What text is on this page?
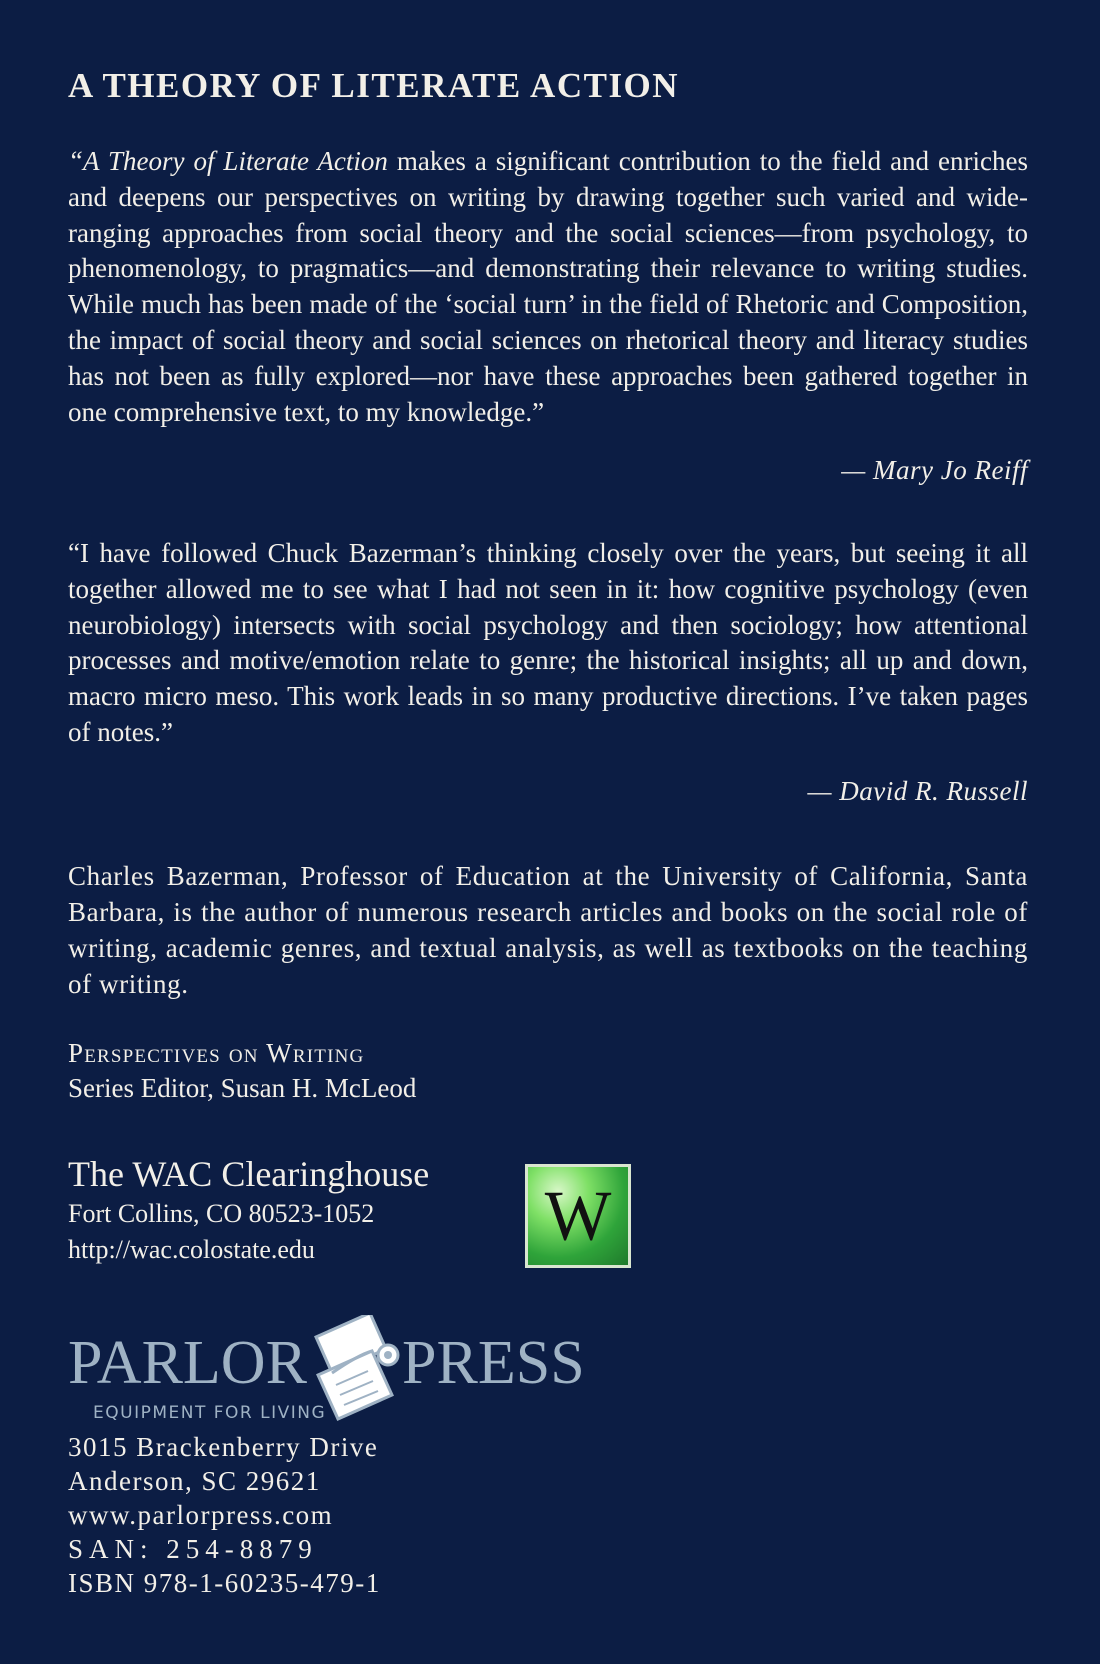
A THEORY OF LITERATE ACTION

“A Theory of Literate Action makes a significant contribution to the field and enriches and deepens our perspectives on writing by drawing together such varied and wide-ranging approaches from social theory and the social sciences—from psychology, to phenomenology, to pragmatics—and demonstrating their relevance to writing studies. While much has been made of the ‘social turn’ in the field of Rhetoric and Composition, the impact of social theory and social sciences on rhetorical theory and literacy studies has not been as fully explored—nor have these approaches been gathered together in one comprehensive text, to my knowledge.”

— Mary Jo Reiff

“I have followed Chuck Bazerman’s thinking closely over the years, but seeing it all together allowed me to see what I had not seen in it: how cognitive psychology (even neurobiology) intersects with social psychology and then sociology; how attentional processes and motive/emotion relate to genre; the historical insights; all up and down, macro micro meso. This work leads in so many productive directions. I’ve taken pages of notes.”

— David R. Russell

Charles Bazerman, Professor of Education at the University of California, Santa Barbara, is the author of numerous research articles and books on the social role of writing, academic genres, and textual analysis, as well as textbooks on the teaching of writing.

Perspectives on Writing
Series Editor, Susan H. McLeod
The WAC Clearinghouse
Fort Collins, CO 80523-1052
http://wac.colostate.edu	W
PARLOR PRESS
EQUIPMENT FOR LIVING
3015 Brackenberry Drive
Anderson, SC 29621
www.parlorpress.com
SAN: 254-8879
ISBN 978-1-60235-479-1
